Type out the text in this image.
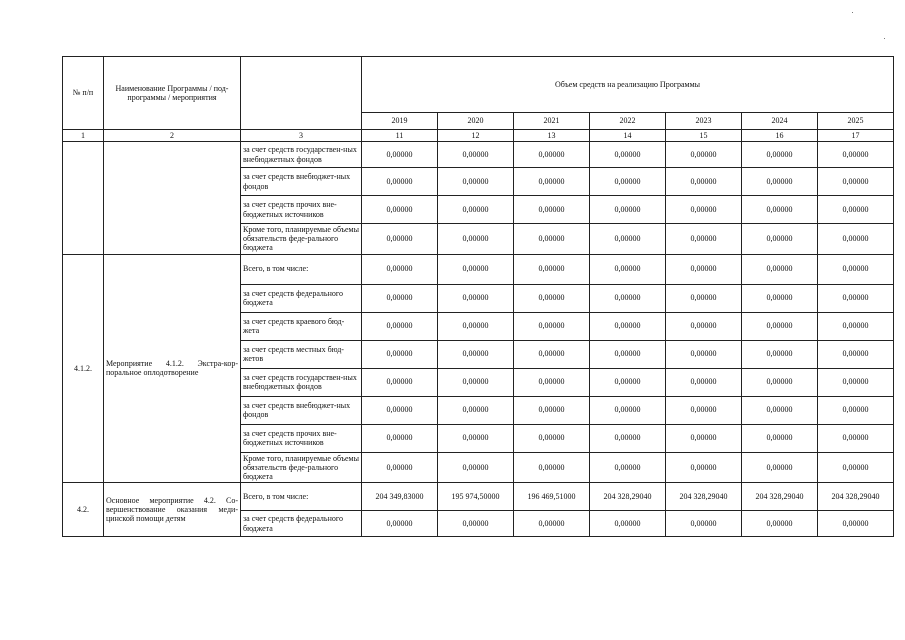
№ п/п	Наименование Программы / под-программы / мероприятия		Объем средств на реализацию Программы						
			2019	2020	2021	2022	2023	2024	2025
1	2	3	11	12	13	14	15	16	17
		за счет средств государствен-ных внебюджетных фондов	0,00000	0,00000	0,00000	0,00000	0,00000	0,00000	0,00000
		за счет средств внебюджет-ных фондов	0,00000	0,00000	0,00000	0,00000	0,00000	0,00000	0,00000
		за счет средств прочих вне-бюджетных источников	0,00000	0,00000	0,00000	0,00000	0,00000	0,00000	0,00000
		Кроме того, планируемые объемы обязательств феде-рального бюджета	0,00000	0,00000	0,00000	0,00000	0,00000	0,00000	0,00000
4.1.2.	Мероприятие 4.1.2. Экстра-кор-поральное оплодотворение	Всего, в том числе:	0,00000	0,00000	0,00000	0,00000	0,00000	0,00000	0,00000
		за счет средств федерального бюджета	0,00000	0,00000	0,00000	0,00000	0,00000	0,00000	0,00000
		за счет средств краевого бюд-жета	0,00000	0,00000	0,00000	0,00000	0,00000	0,00000	0,00000
		за счет средств местных бюд-жетов	0,00000	0,00000	0,00000	0,00000	0,00000	0,00000	0,00000
		за счет средств государствен-ных внебюджетных фондов	0,00000	0,00000	0,00000	0,00000	0,00000	0,00000	0,00000
		за счет средств внебюджет-ных фондов	0,00000	0,00000	0,00000	0,00000	0,00000	0,00000	0,00000
		за счет средств прочих вне-бюджетных источников	0,00000	0,00000	0,00000	0,00000	0,00000	0,00000	0,00000
		Кроме того, планируемые объемы обязательств феде-рального бюджета	0,00000	0,00000	0,00000	0,00000	0,00000	0,00000	0,00000
4.2.	Основное мероприятие 4.2. Со-вершенствование оказания меди-цинской помощи детям	Всего, в том числе:	204 349,83000	195 974,50000	196 469,51000	204 328,29040	204 328,29040	204 328,29040	204 328,29040
		за счет средств федерального бюджета	0,00000	0,00000	0,00000	0,00000	0,00000	0,00000	0,00000
